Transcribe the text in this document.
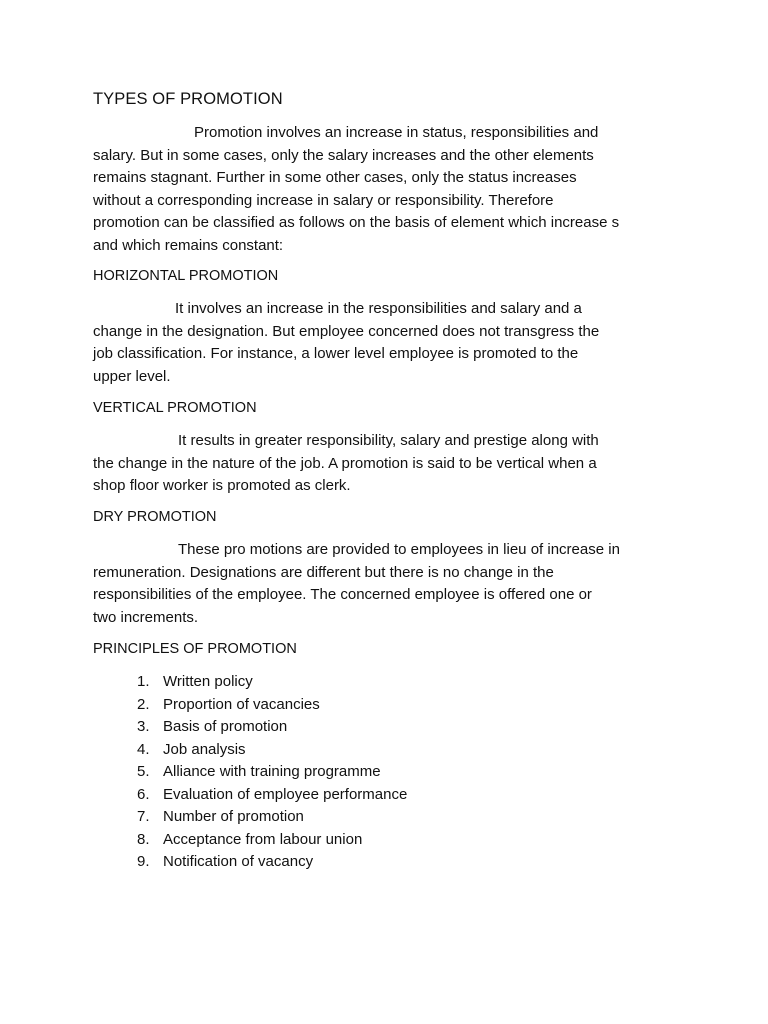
TYPES OF PROMOTION
Promotion involves an increase in status, responsibilities and
salary. But in some cases, only the salary increases and the other elements
remains stagnant. Further in some other cases, only the status increases
without a corresponding increase in salary or responsibility. Therefore
promotion can be classified as follows on the basis of element which increase s
and which remains constant:
HORIZONTAL PROMOTION
It involves an increase in the responsibilities and salary and a
change in the designation. But employee concerned does not transgress the
job classification. For instance, a lower level employee is promoted to the
upper level.
VERTICAL PROMOTION
It results in greater responsibility, salary and prestige along with
the change in the nature of the job. A promotion is said to be vertical when a
shop floor worker is promoted as clerk.
DRY PROMOTION
These pro motions are provided to employees in lieu of increase in
remuneration. Designations are different but there is no change in the
responsibilities of the employee. The concerned employee is offered one or
two increments.
PRINCIPLES OF PROMOTION
1. Written policy
2. Proportion of vacancies
3. Basis of promotion
4. Job analysis
5. Alliance with training programme
6. Evaluation of employee performance
7. Number of promotion
8. Acceptance from labour union
9. Notification of vacancy
